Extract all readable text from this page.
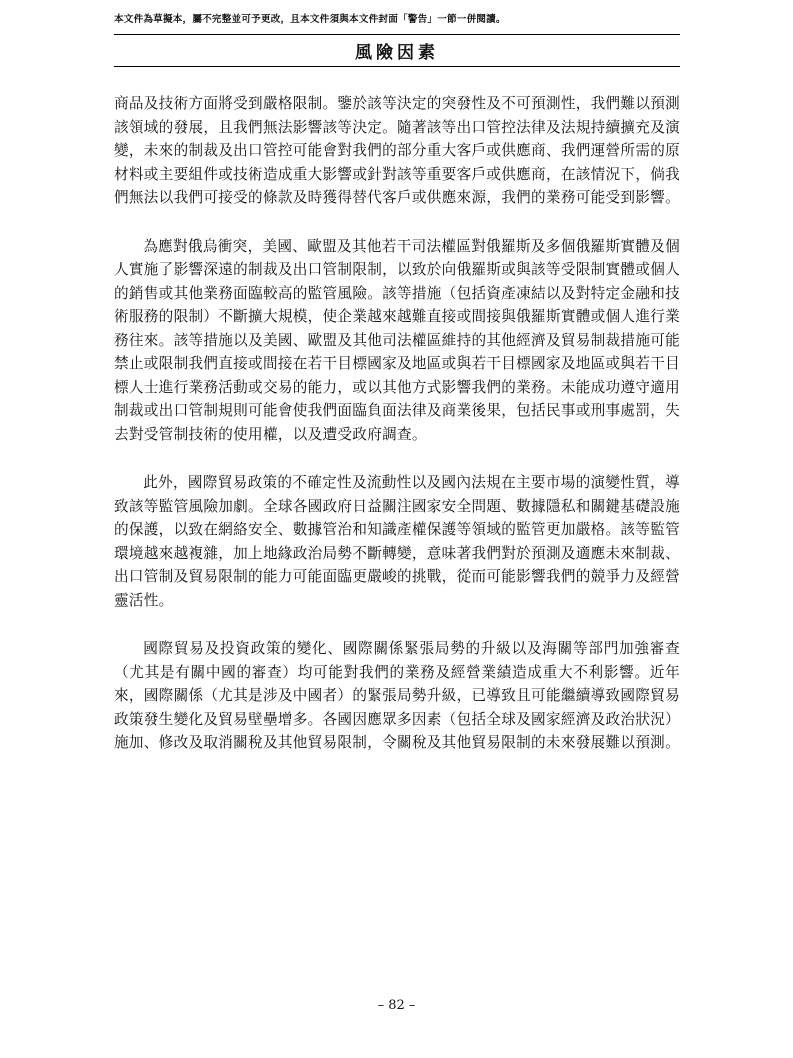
本文件為草擬本，屬不完整並可予更改，且本文件須與本文件封面「警告」一節一併閱讀。
風險因素

商品及技術方面將受到嚴格限制。鑒於該等決定的突發性及不可預測性，我們難以預測該領域的發展，且我們無法影響該等決定。隨著該等出口管控法律及法規持續擴充及演變，未來的制裁及出口管控可能會對我們的部分重大客戶或供應商、我們運營所需的原材料或主要組件或技術造成重大影響或針對該等重要客戶或供應商，在該情況下，倘我們無法以我們可接受的條款及時獲得替代客戶或供應來源，我們的業務可能受到影響。

為應對俄烏衝突，美國、歐盟及其他若干司法權區對俄羅斯及多個俄羅斯實體及個人實施了影響深遠的制裁及出口管制限制，以致於向俄羅斯或與該等受限制實體或個人的銷售或其他業務面臨較高的監管風險。該等措施（包括資產凍結以及對特定金融和技術服務的限制）不斷擴大規模，使企業越來越難直接或間接與俄羅斯實體或個人進行業務往來。該等措施以及美國、歐盟及其他司法權區維持的其他經濟及貿易制裁措施可能禁止或限制我們直接或間接在若干目標國家及地區或與若干目標國家及地區或與若干目標人士進行業務活動或交易的能力，或以其他方式影響我們的業務。未能成功遵守適用制裁或出口管制規則可能會使我們面臨負面法律及商業後果，包括民事或刑事處罰，失去對受管制技術的使用權，以及遭受政府調查。

此外，國際貿易政策的不確定性及流動性以及國內法規在主要市場的演變性質，導致該等監管風險加劇。全球各國政府日益關注國家安全問題、數據隱私和關鍵基礎設施的保護，以致在網絡安全、數據管治和知識產權保護等領域的監管更加嚴格。該等監管環境越來越複雜，加上地緣政治局勢不斷轉變，意味著我們對於預測及適應未來制裁、出口管制及貿易限制的能力可能面臨更嚴峻的挑戰，從而可能影響我們的競爭力及經營靈活性。

國際貿易及投資政策的變化、國際關係緊張局勢的升級以及海關等部門加強審查（尤其是有關中國的審查）均可能對我們的業務及經營業績造成重大不利影響。近年來，國際關係（尤其是涉及中國者）的緊張局勢升級，已導致且可能繼續導致國際貿易政策發生變化及貿易壁壘增多。各國因應眾多因素（包括全球及國家經濟及政治狀況）施加、修改及取消關稅及其他貿易限制，令關稅及其他貿易限制的未來發展難以預測。

– 82 –
